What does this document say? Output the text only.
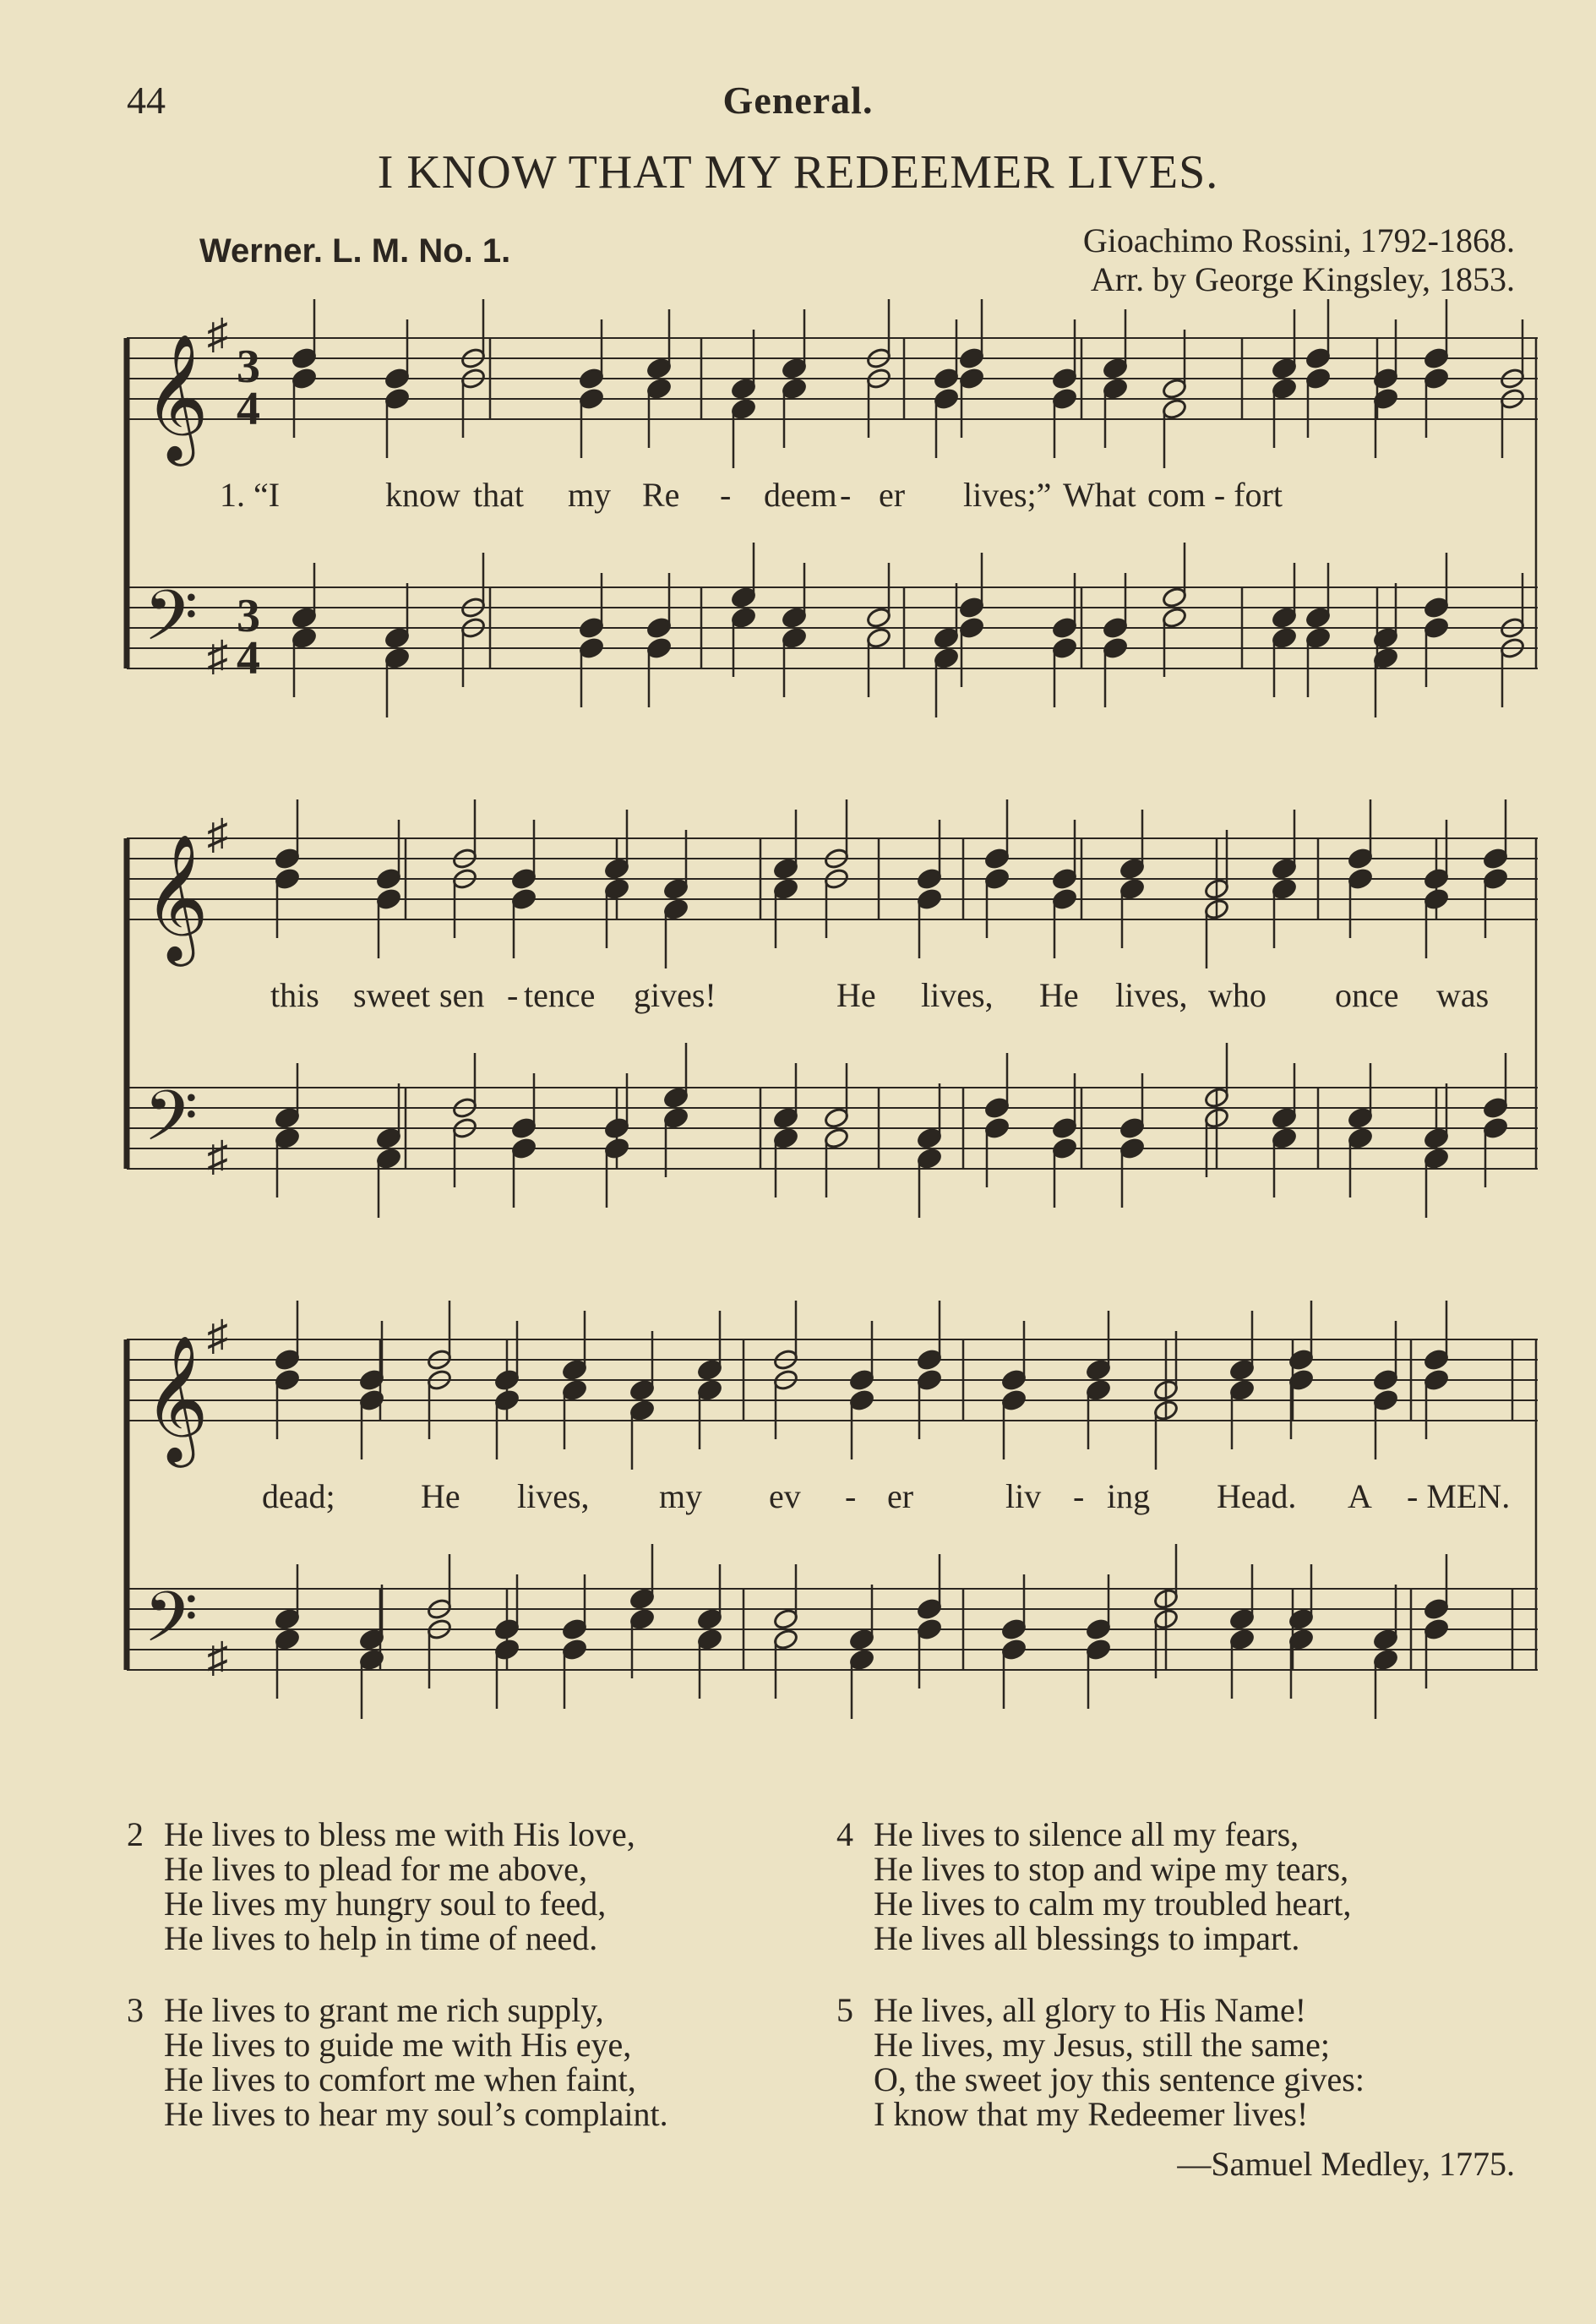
44	General.
I KNOW THAT MY REDEEMER LIVES.
Werner. L. M. No. 1.	Gioachimo Rossini, 1792-1868.
Arr. by George Kingsley, 1853.
𝄞
𝄢
♯
♯
3
4
3
4
1. “I	know that my Re - deem - er lives;” What com - fort
𝄞
𝄢
♯
♯
this sweet sen - tence gives!	He lives, He lives, who once was
𝄞
𝄢
♯
♯
dead;	He lives, my ev - er	liv - ing Head. A - MEN.
2 He lives to bless me with His love,
He lives to plead for me above,
He lives my hungry soul to feed,
He lives to help in time of need.
3 He lives to grant me rich supply,
He lives to guide me with His eye,
He lives to comfort me when faint,
He lives to hear my soul’s complaint.
4 He lives to silence all my fears,
He lives to stop and wipe my tears,
He lives to calm my troubled heart,
He lives all blessings to impart.
5 He lives, all glory to His Name!
He lives, my Jesus, still the same;
O, the sweet joy this sentence gives:
I know that my Redeemer lives!
—Samuel Medley, 1775.
